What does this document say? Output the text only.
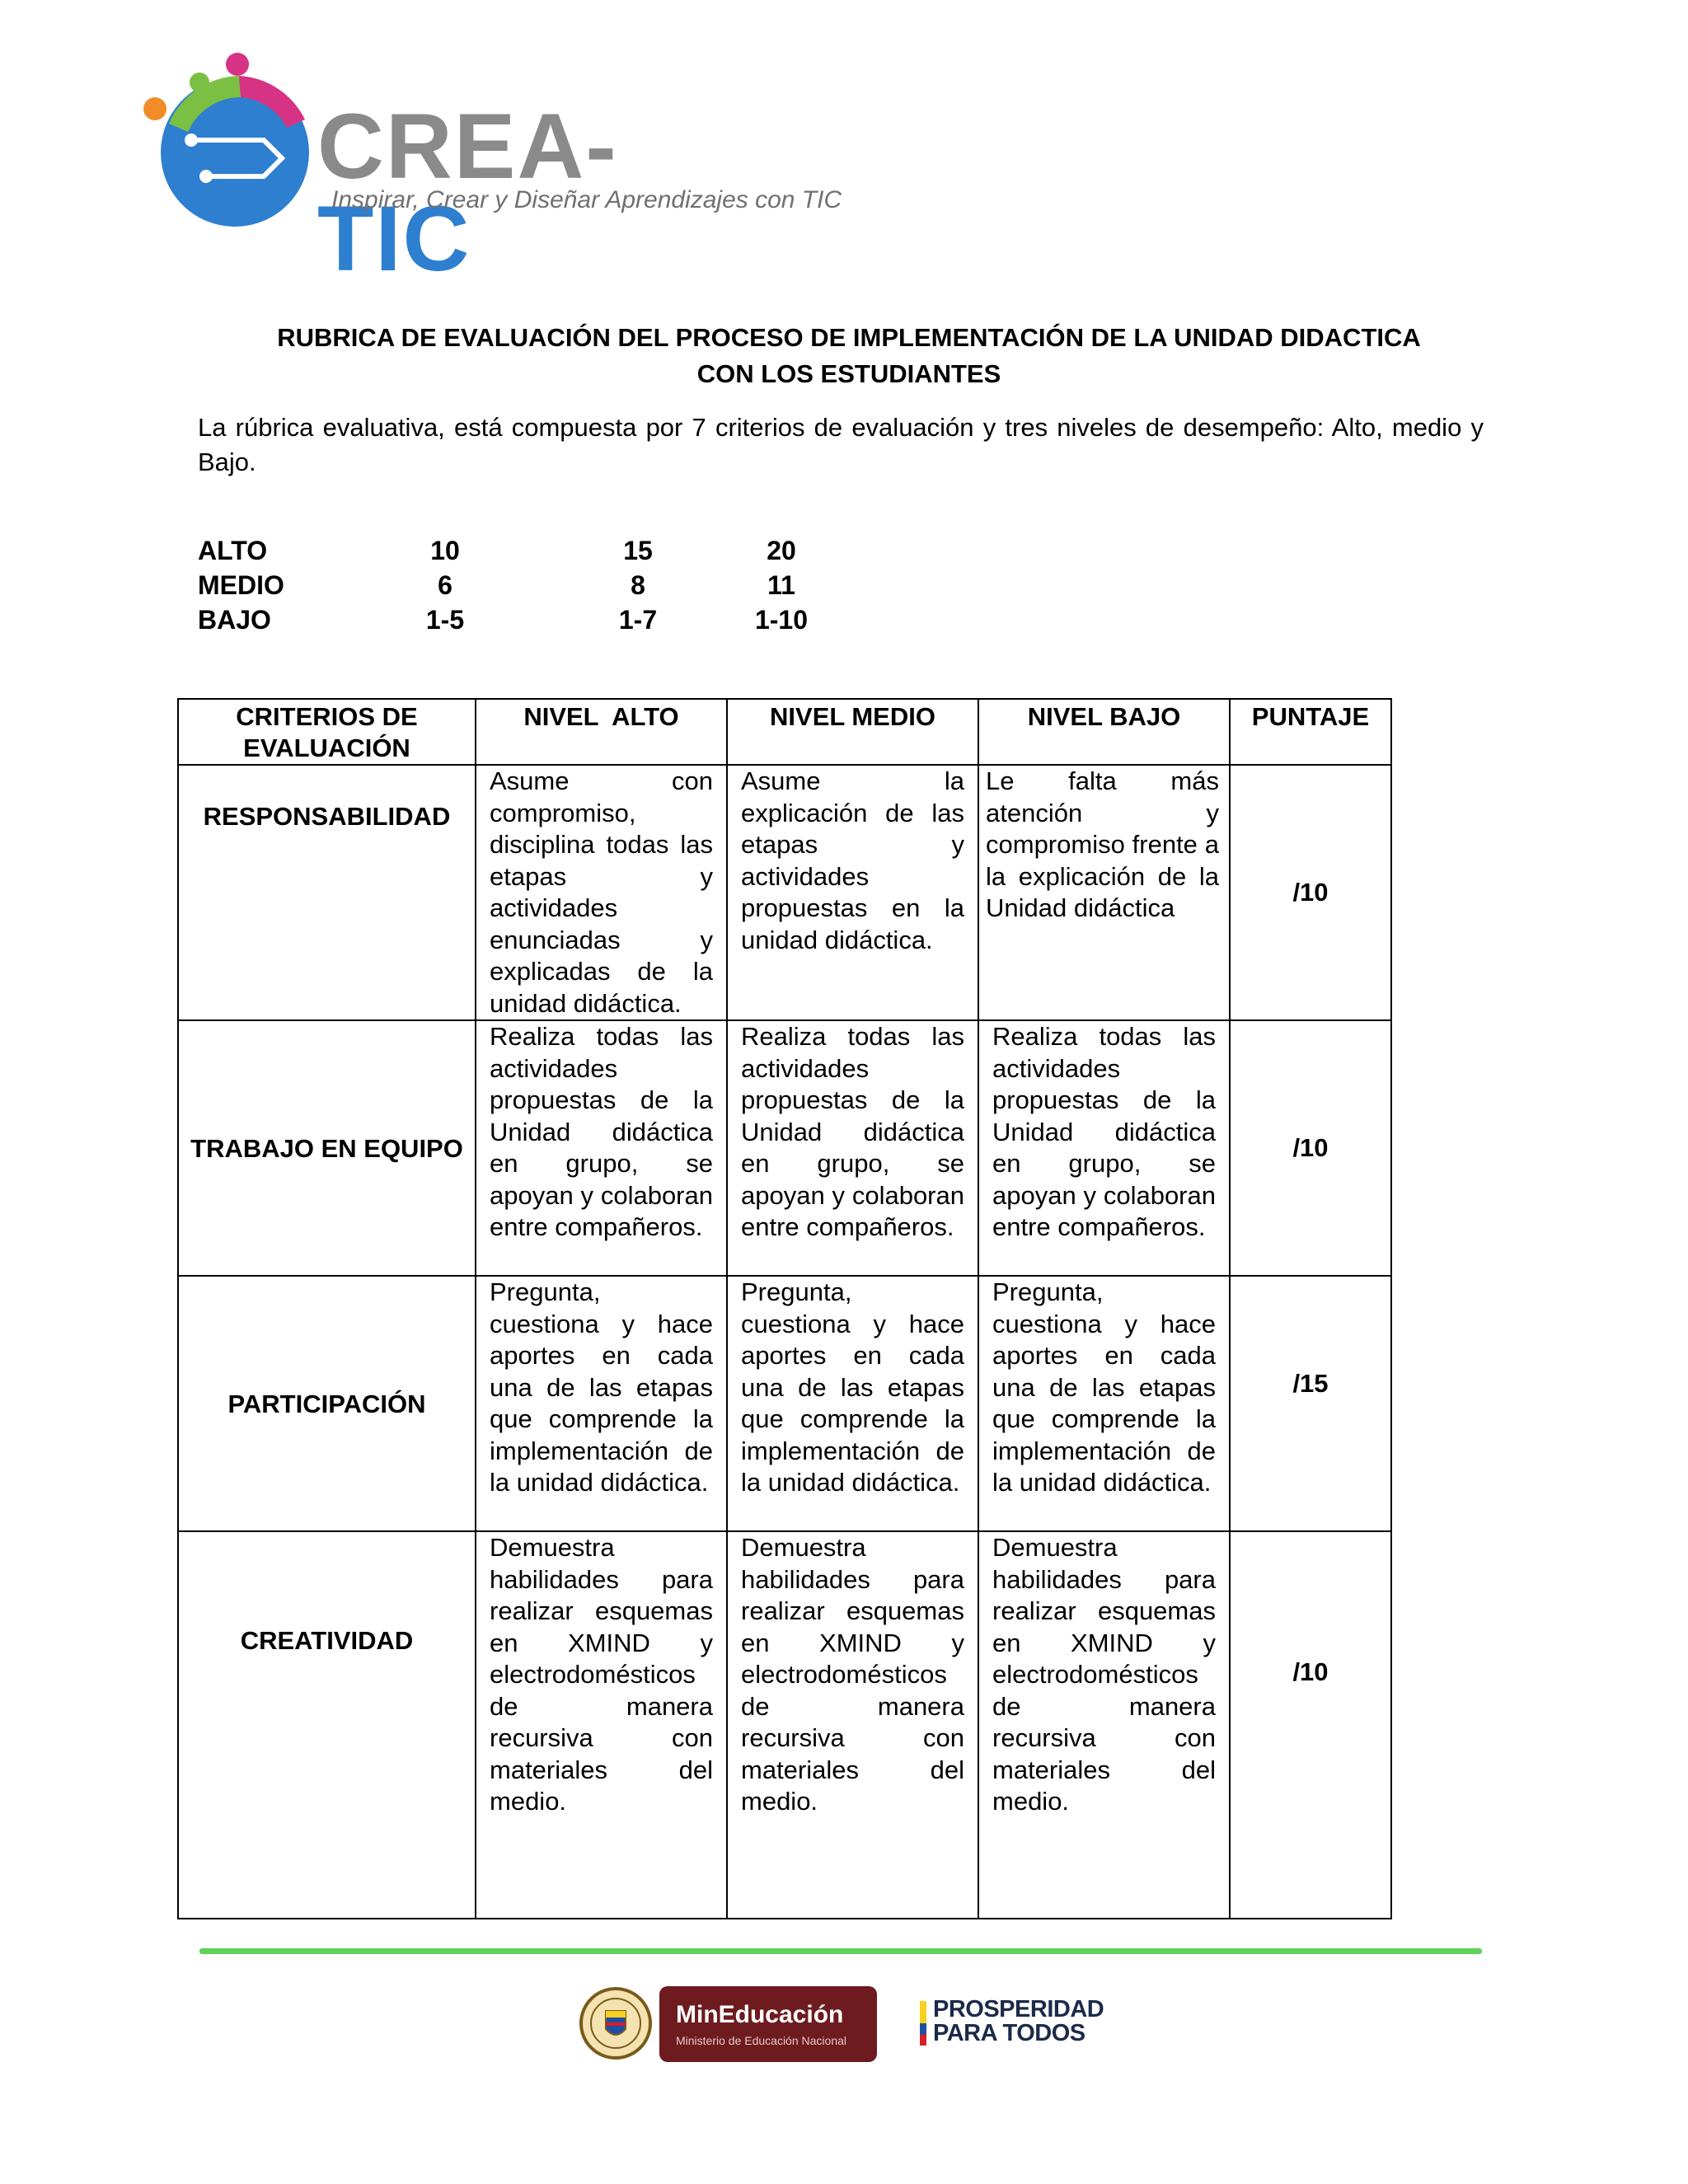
CREA-TIC
Inspirar, Crear y Diseñar Aprendizajes con TIC
RUBRICA DE EVALUACIÓN DEL PROCESO DE IMPLEMENTACIÓN DE LA UNIDAD DIDACTICA
CON LOS ESTUDIANTES
La rúbrica evaluativa, está compuesta por 7 criterios de evaluación y tres niveles de desempeño: Alto, medio y Bajo.
ALTO	10	15	20
MEDIO	6	8	11
BAJO	1-5	1-7	1-10
CRITERIOS DE EVALUACIÓN	NIVEL  ALTO	NIVEL MEDIO	NIVEL BAJO	PUNTAJE
RESPONSABILIDAD	Asume con compromiso, disciplina todas las etapas y actividades enunciadas y explicadas de la unidad didáctica.	Asume la explicación de las etapas y actividades propuestas en la unidad didáctica.	Le falta más atención y compromiso frente a la explicación de la Unidad didáctica	/10
TRABAJO EN EQUIPO	Realiza todas las actividades propuestas de la Unidad didáctica en grupo, se apoyan y colaboran entre compañeros.	Realiza todas las actividades propuestas de la Unidad didáctica en grupo, se apoyan y colaboran entre compañeros.	Realiza todas las actividades propuestas de la Unidad didáctica en grupo, se apoyan y colaboran entre compañeros.	/10
PARTICIPACIÓN	Pregunta, cuestiona y hace aportes en cada una de las etapas que comprende la implementación de la unidad didáctica.	Pregunta, cuestiona y hace aportes en cada una de las etapas que comprende la implementación de la unidad didáctica.	Pregunta, cuestiona y hace aportes en cada una de las etapas que comprende la implementación de la unidad didáctica.	/15
CREATIVIDAD	Demuestra habilidades para realizar esquemas en XMIND y electrodomésticos de manera recursiva con materiales del medio.	Demuestra habilidades para realizar esquemas en XMIND y electrodomésticos de manera recursiva con materiales del medio.	Demuestra habilidades para realizar esquemas en XMIND y electrodomésticos de manera recursiva con materiales del medio.	/10
MinEducación
Ministerio de Educación Nacional
PROSPERIDAD
PARA TODOS
